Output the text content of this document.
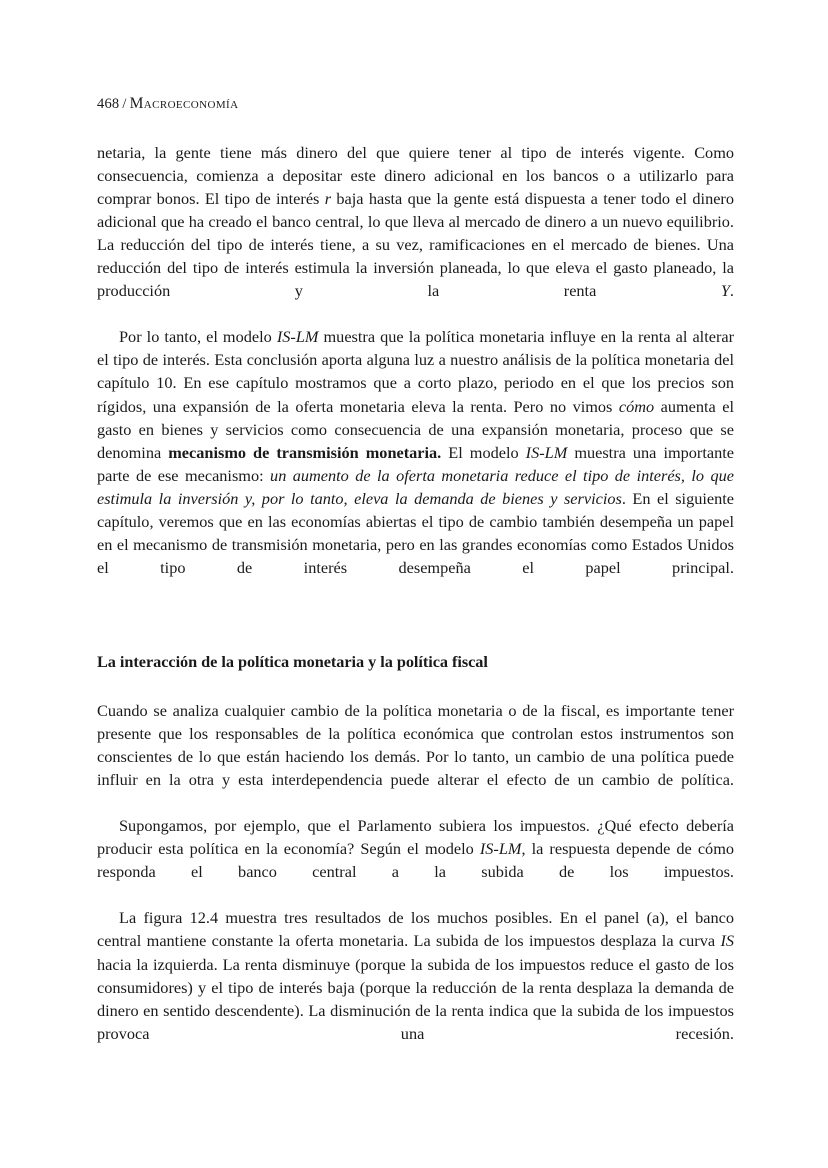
468 / Macroeconomía

netaria, la gente tiene más dinero del que quiere tener al tipo de interés vigente. Como consecuencia, comienza a depositar este dinero adicional en los bancos o a utilizarlo para comprar bonos. El tipo de interés r baja hasta que la gente está dispuesta a tener todo el dinero adicional que ha creado el banco central, lo que lleva al mercado de dinero a un nuevo equilibrio. La reducción del tipo de interés tiene, a su vez, ramificaciones en el mercado de bienes. Una reducción del tipo de interés estimula la inversión planeada, lo que eleva el gasto planeado, la producción y la renta Y.

Por lo tanto, el modelo IS-LM muestra que la política monetaria influye en la renta al alterar el tipo de interés. Esta conclusión aporta alguna luz a nuestro análisis de la política monetaria del capítulo 10. En ese capítulo mostramos que a corto plazo, periodo en el que los precios son rígidos, una expansión de la oferta monetaria eleva la renta. Pero no vimos cómo aumenta el gasto en bienes y servicios como consecuencia de una expansión monetaria, proceso que se denomina mecanismo de transmisión monetaria. El modelo IS-LM muestra una importante parte de ese mecanismo: un aumento de la oferta monetaria reduce el tipo de interés, lo que estimula la inversión y, por lo tanto, eleva la demanda de bienes y servicios. En el siguiente capítulo, veremos que en las economías abiertas el tipo de cambio también desempeña un papel en el mecanismo de transmisión monetaria, pero en las grandes economías como Estados Unidos el tipo de interés desempeña el papel principal.

La interacción de la política monetaria y la política fiscal

Cuando se analiza cualquier cambio de la política monetaria o de la fiscal, es importante tener presente que los responsables de la política económica que controlan estos instrumentos son conscientes de lo que están haciendo los demás. Por lo tanto, un cambio de una política puede influir en la otra y esta interdependencia puede alterar el efecto de un cambio de política.

Supongamos, por ejemplo, que el Parlamento subiera los impuestos. ¿Qué efecto debería producir esta política en la economía? Según el modelo IS-LM, la respuesta depende de cómo responda el banco central a la subida de los impuestos.

La figura 12.4 muestra tres resultados de los muchos posibles. En el panel (a), el banco central mantiene constante la oferta monetaria. La subida de los impuestos desplaza la curva IS hacia la izquierda. La renta disminuye (porque la subida de los impuestos reduce el gasto de los consumidores) y el tipo de interés baja (porque la reducción de la renta desplaza la demanda de dinero en sentido descendente). La disminución de la renta indica que la subida de los impuestos provoca una recesión.
